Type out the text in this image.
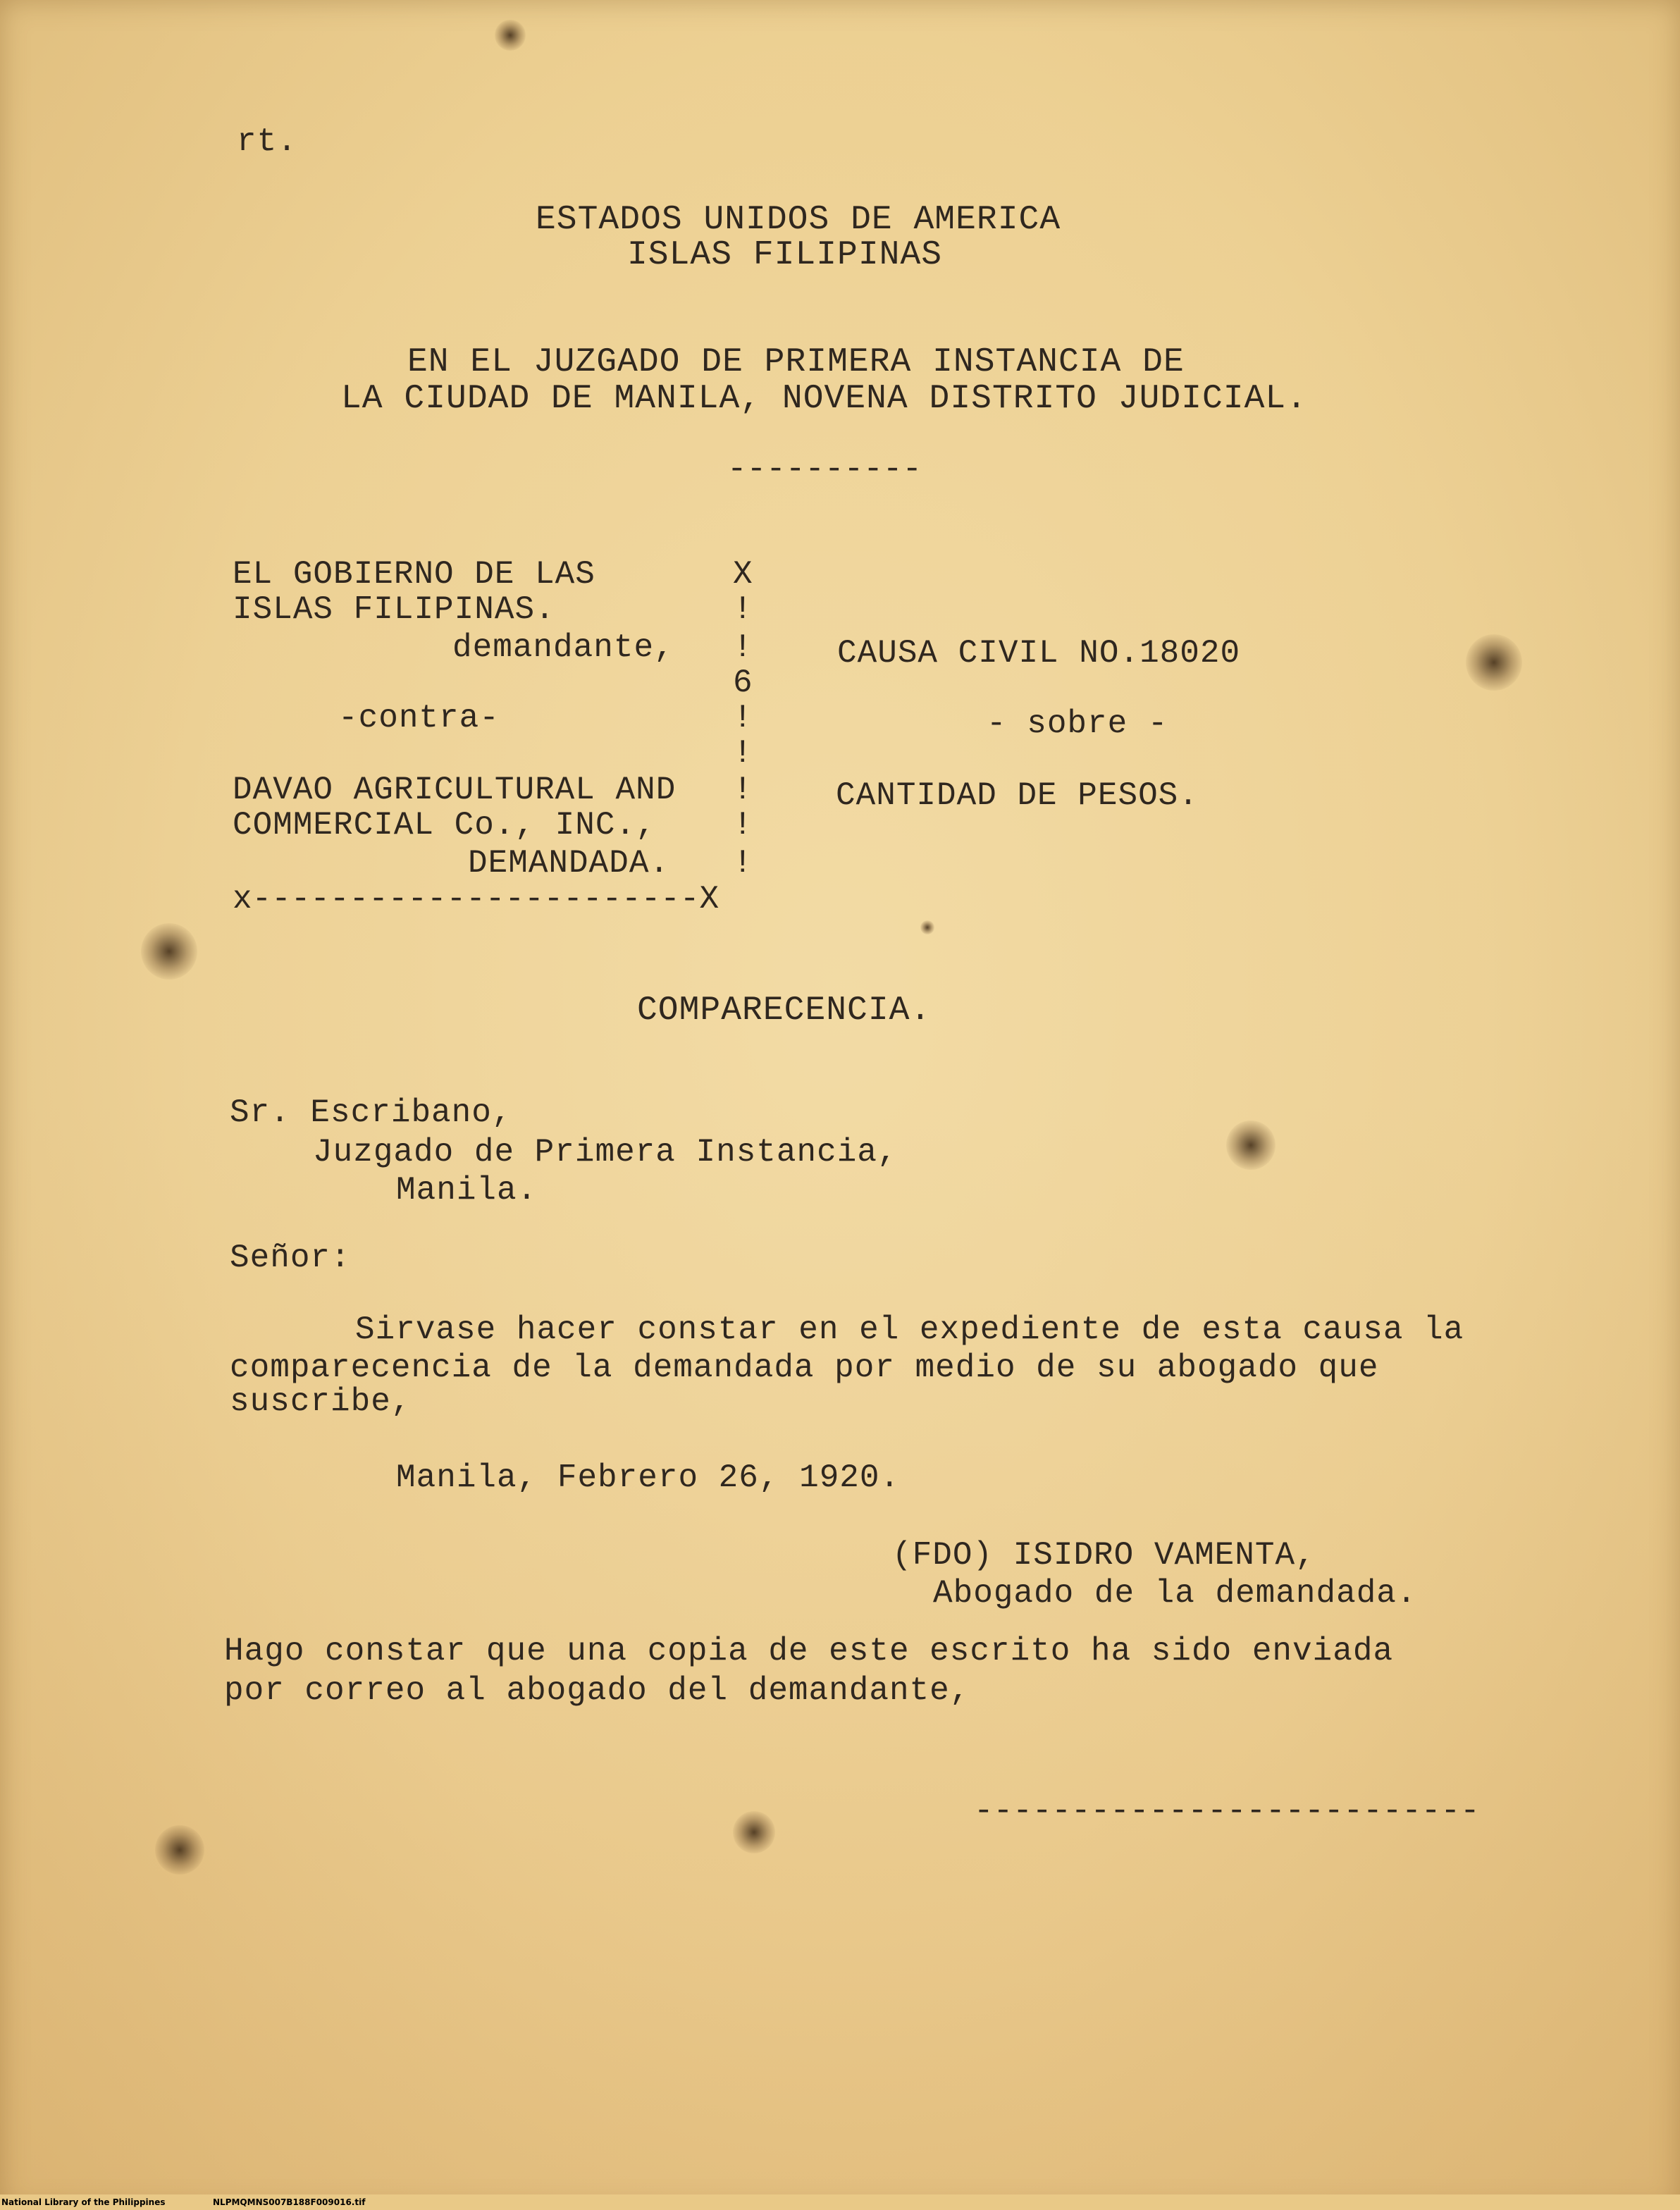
rt.
ESTADOS UNIDOS DE AMERICA
ISLAS FILIPINAS
EN EL JUZGADO DE PRIMERA INSTANCIA DE
LA CIUDAD DE MANILA, NOVENA DISTRITO JUDICIAL.
----------
EL GOBIERNO DE LAS
ISLAS FILIPINAS.
demandante,
-contra-
DAVAO AGRICULTURAL AND
COMMERCIAL Co., INC.,
DEMANDADA.
x-----------------------X
X
!
!
6
!
!
!
!
!
CAUSA CIVIL NO.18020
- sobre -
CANTIDAD DE PESOS.
COMPARECENCIA.
Sr. Escribano,
Juzgado de Primera Instancia,
Manila.
Señor:
Sirvase hacer constar en el expediente de esta causa la
comparecencia de la demandada por medio de su abogado que
suscribe,
Manila, Febrero 26, 1920.
(FDO) ISIDRO VAMENTA,
Abogado de la demandada.
Hago constar que una copia de este escrito ha sido enviada
por correo al abogado del demandante,
--------------------------
National Library of the Philippines	NLPMQMNS007B188F009016.tif
